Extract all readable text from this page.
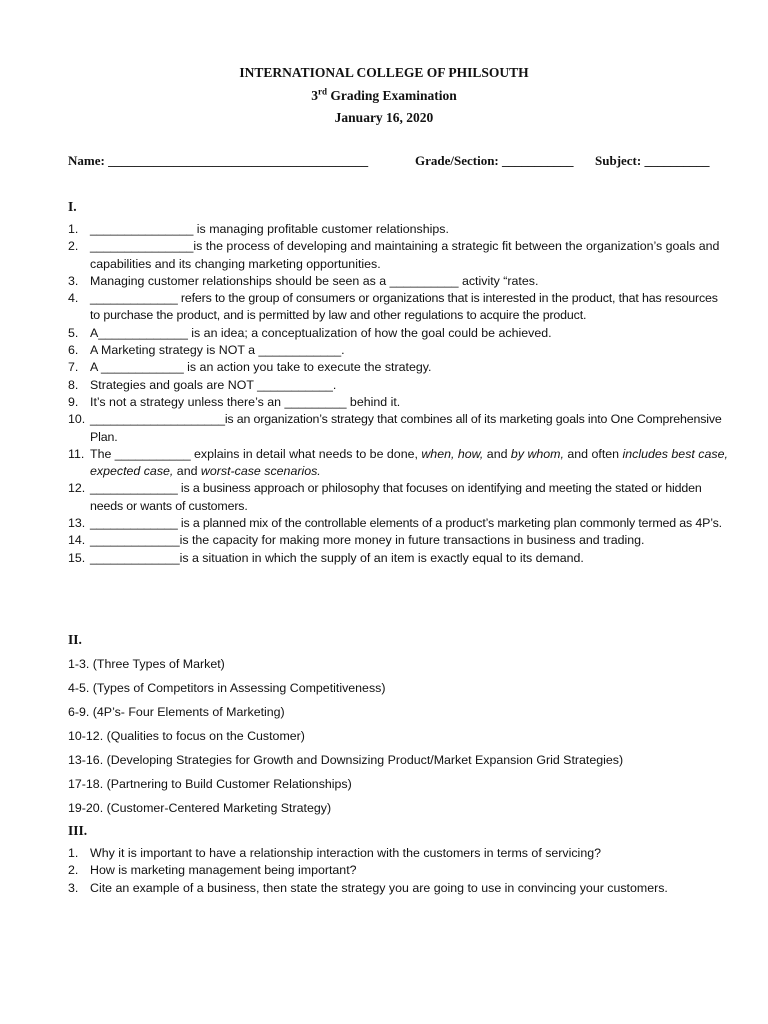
INTERNATIONAL COLLEGE OF PHILSOUTH
3rd Grading Examination
January 16, 2020

Name: ________________________________________

	Grade/Section: ___________

Subject: __________

I.
1. _______________ is managing profitable customer relationships.
2. _______________is the process of developing and maintaining a strategic fit between the organization’s goals and capabilities and its changing marketing opportunities.
3. Managing customer relationships should be seen as a __________ activity “rates.
4. _____________ refers to the group of consumers or organizations that is interested in the product, that has resources to purchase the product, and is permitted by law and other regulations to acquire the product.
5. A_____________ is an idea; a conceptualization of how the goal could be achieved.
6. A Marketing strategy is NOT a ____________.
7. A ____________ is an action you take to execute the strategy.
8. Strategies and goals are NOT ___________.
9. It’s not a strategy unless there’s an _________ behind it.
10. ____________________is an organization’s strategy that combines all of its marketing goals into One Comprehensive Plan.
11. The ___________ explains in detail what needs to be done, when, how, and by whom, and often includes best case, expected case, and worst-case scenarios.
12. _____________ is a business approach or philosophy that focuses on identifying and meeting the stated or hidden needs or wants of customers.
13. _____________ is a planned mix of the controllable elements of a product’s marketing plan commonly termed as 4P’s.
14. _____________is the capacity for making more money in future transactions in business and trading.
15. _____________is a situation in which the supply of an item is exactly equal to its demand.
II.
1-3. (Three Types of Market)
4-5. (Types of Competitors in Assessing Competitiveness)
6-9. (4P’s- Four Elements of Marketing)
10-12. (Qualities to focus on the Customer)
13-16. (Developing Strategies for Growth and Downsizing Product/Market Expansion Grid Strategies)
17-18. (Partnering to Build Customer Relationships)
19-20. (Customer-Centered Marketing Strategy)
III.
1. Why it is important to have a relationship interaction with the customers in terms of servicing?
2. How is marketing management being important?
3. Cite an example of a business, then state the strategy you are going to use in convincing your customers.
